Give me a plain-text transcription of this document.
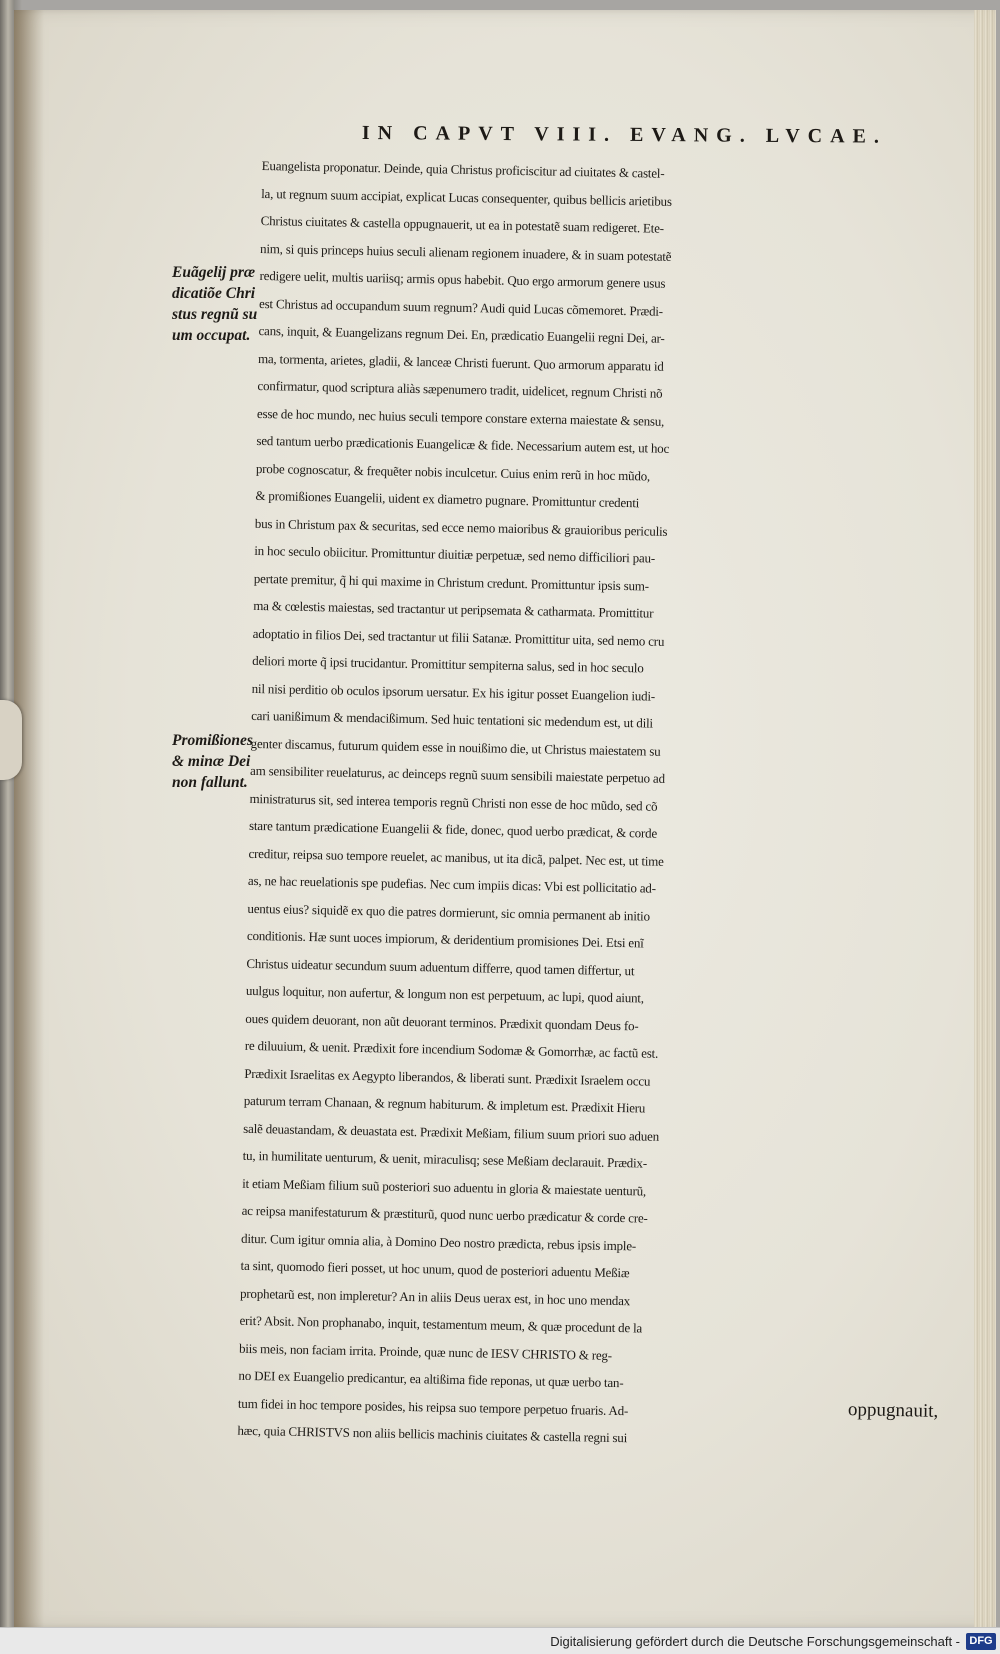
IN CAPVT VIII. EVANG. LVCAE.
Euãgelij præ
dicatiõe Chri
stus regnũ su
um occupat.
Promißiones
& minæ Dei
non fallunt.
Euangelista proponatur. Deinde, quia Christus proficiscitur ad ciuitates & castel-
la, ut regnum suum accipiat, explicat Lucas consequenter, quibus bellicis arietibus
Christus ciuitates & castella oppugnauerit, ut ea in potestatẽ suam redigeret. Ete-
nim, si quis princeps huius seculi alienam regionem inuadere, & in suam potestatẽ
redigere uelit, multis uariisq; armis opus habebit. Quo ergo armorum genere usus
est Christus ad occupandum suum regnum? Audi quid Lucas cõmemoret. Prædi-
cans, inquit, & Euangelizans regnum Dei. En, prædicatio Euangelii regni Dei, ar-
ma, tormenta, arietes, gladii, & lanceæ Christi fuerunt. Quo armorum apparatu id
confirmatur, quod scriptura aliàs sæpenumero tradit, uidelicet, regnum Christi nõ
esse de hoc mundo, nec huius seculi tempore constare externa maiestate & sensu,
sed tantum uerbo prædicationis Euangelicæ & fide. Necessarium autem est, ut hoc
probe cognoscatur, & frequẽter nobis inculcetur. Cuius enim rerũ in hoc mũdo,
& promißiones Euangelii, uident ex diametro pugnare. Promittuntur credenti
bus in Christum pax & securitas, sed ecce nemo maioribus & grauioribus periculis
in hoc seculo obiicitur. Promittuntur diuitiæ perpetuæ, sed nemo difficiliori pau-
pertate premitur, q̃ hi qui maxime in Christum credunt. Promittuntur ipsis sum-
ma & cœlestis maiestas, sed tractantur ut peripsemata & catharmata. Promittitur
adoptatio in filios Dei, sed tractantur ut filii Satanæ. Promittitur uita, sed nemo cru
deliori morte q̃ ipsi trucidantur. Promittitur sempiterna salus, sed in hoc seculo
nil nisi perditio ob oculos ipsorum uersatur. Ex his igitur posset Euangelion iudi-
cari uanißimum & mendacißimum. Sed huic tentationi sic medendum est, ut dili
genter discamus, futurum quidem esse in nouißimo die, ut Christus maiestatem su
am sensibiliter reuelaturus, ac deinceps regnũ suum sensibili maiestate perpetuo ad
ministraturus sit, sed interea temporis regnũ Christi non esse de hoc mũdo, sed cõ
stare tantum prædicatione Euangelii & fide, donec, quod uerbo prædicat, & corde
creditur, reipsa suo tempore reuelet, ac manibus, ut ita dicã, palpet. Nec est, ut time
as, ne hac reuelationis spe pudefias. Nec cum impiis dicas: Vbi est pollicitatio ad-
uentus eius? siquidẽ ex quo die patres dormierunt, sic omnia permanent ab initio
conditionis. Hæ sunt uoces impiorum, & deridentium promisiones Dei. Etsi enĩ
Christus uideatur secundum suum aduentum differre, quod tamen differtur, ut
uulgus loquitur, non aufertur, & longum non est perpetuum, ac lupi, quod aiunt,
oues quidem deuorant, non aũt deuorant terminos. Prædixit quondam Deus fo-
re diluuium, & uenit. Prædixit fore incendium Sodomæ & Gomorrhæ, ac factũ est.
Prædixit Israelitas ex Aegypto liberandos, & liberati sunt. Prædixit Israelem occu
paturum terram Chanaan, & regnum habiturum. & impletum est. Prædixit Hieru
salẽ deuastandam, & deuastata est. Prædixit Meßiam, filium suum priori suo aduen
tu, in humilitate uenturum, & uenit, miraculisq; sese Meßiam declarauit. Prædix-
it etiam Meßiam filium suũ posteriori suo aduentu in gloria & maiestate uenturũ,
ac reipsa manifestaturum & præstiturũ, quod nunc uerbo prædicatur & corde cre-
ditur. Cum igitur omnia alia, à Domino Deo nostro prædicta, rebus ipsis imple-
ta sint, quomodo fieri posset, ut hoc unum, quod de posteriori aduentu Meßiæ
prophetarũ est, non impleretur? An in aliis Deus uerax est, in hoc uno mendax
erit? Absit. Non prophanabo, inquit, testamentum meum, & quæ procedunt de la
biis meis, non faciam irrita. Proinde, quæ nunc de IESV CHRISTO & reg-
no DEI ex Euangelio predicantur, ea altißima fide reponas, ut quæ uerbo tan-
tum fidei in hoc tempore posides, his reipsa suo tempore perpetuo fruaris. Ad-
hæc, quia CHRISTVS non aliis bellicis machinis ciuitates & castella regni sui
oppugnauit,
Digitalisierung gefördert durch die Deutsche Forschungsgemeinschaft - DFG
